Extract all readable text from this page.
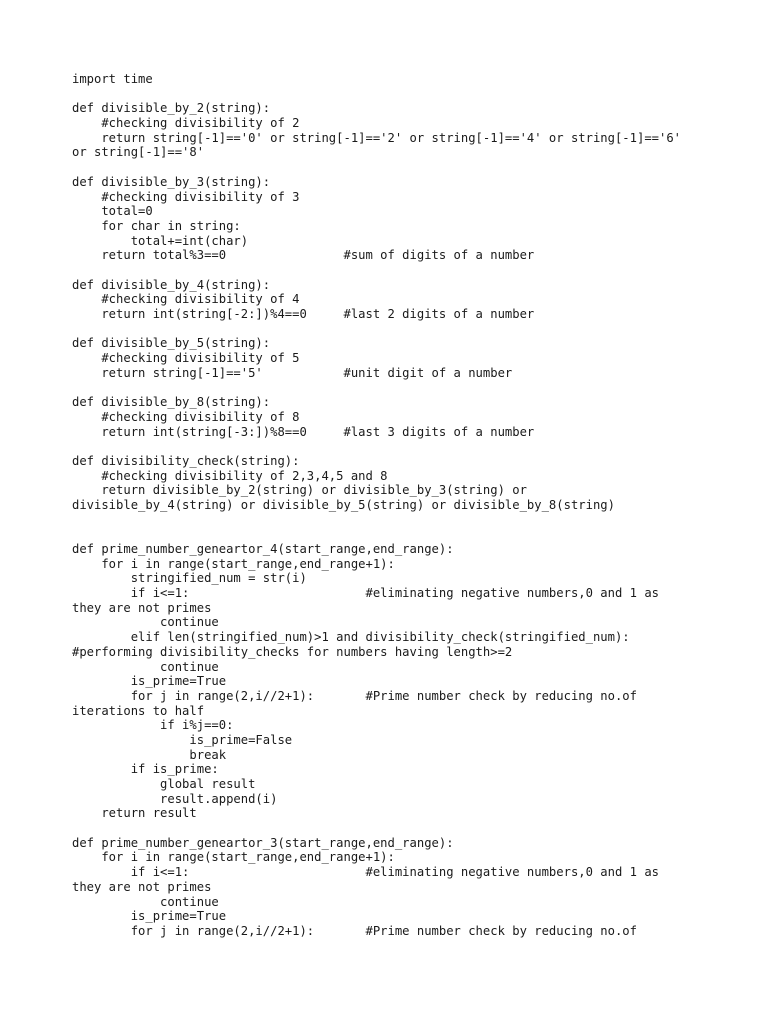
import time
def divisible_by_2(string):
#checking divisibility of 2
return string[-1]=='0' or string[-1]=='2' or string[-1]=='4' or string[-1]=='6'
or string[-1]=='8'
def divisible_by_3(string):
#checking divisibility of 3
total=0
for char in string:
total+=int(char)
return total%3==0                #sum of digits of a number
def divisible_by_4(string):
#checking divisibility of 4
return int(string[-2:])%4==0     #last 2 digits of a number
def divisible_by_5(string):
#checking divisibility of 5
return string[-1]=='5'           #unit digit of a number
def divisible_by_8(string):
#checking divisibility of 8
return int(string[-3:])%8==0     #last 3 digits of a number
def divisibility_check(string):
#checking divisibility of 2,3,4,5 and 8
return divisible_by_2(string) or divisible_by_3(string) or
divisible_by_4(string) or divisible_by_5(string) or divisible_by_8(string)
def prime_number_geneartor_4(start_range,end_range):
for i in range(start_range,end_range+1):
stringified_num = str(i)
if i<=1:                        #eliminating negative numbers,0 and 1 as
they are not primes
continue
elif len(stringified_num)>1 and divisibility_check(stringified_num):
#performing divisibility_checks for numbers having length>=2
continue
is_prime=True
for j in range(2,i//2+1):       #Prime number check by reducing no.of
iterations to half
if i%j==0:
is_prime=False
break
if is_prime:
global result
result.append(i)
return result
def prime_number_geneartor_3(start_range,end_range):
for i in range(start_range,end_range+1):
if i<=1:                        #eliminating negative numbers,0 and 1 as
they are not primes
continue
is_prime=True
for j in range(2,i//2+1):       #Prime number check by reducing no.of
